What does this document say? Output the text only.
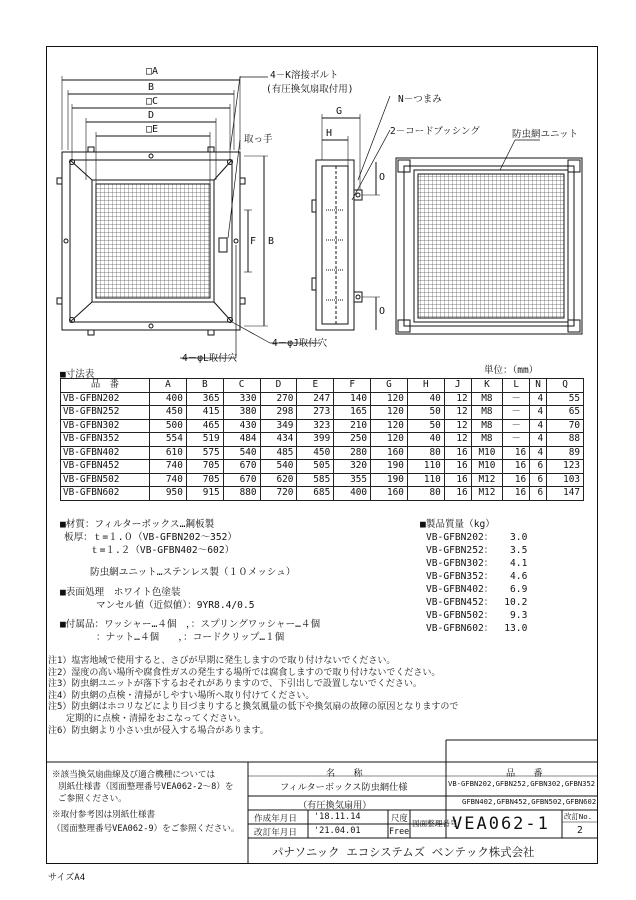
□A
B
□C
D
□E
F B
G
H
O
O
4－K溶接ボルト
(有圧換気扇取付用)
N－つまみ
2－コードブッシング	防虫網ユニット
取っ手
4－φL取付穴
4－φJ取付穴
■寸法表	単位：（mm）
品　番	A	B	C	D	E	F	G	H	J	K	L	N	Q
VB-GFBN202	400	365	330	270	247	140	120	40	12	M8	－	4	55
VB-GFBN252	450	415	380	298	273	165	120	50	12	M8	－	4	65
VB-GFBN302	500	465	430	349	323	210	120	50	12	M8	－	4	70
VB-GFBN352	554	519	484	434	399	250	120	40	12	M8	－	4	88
VB-GFBN402	610	575	540	485	450	280	160	80	16	M10	16	4	89
VB-GFBN452	740	705	670	540	505	320	190	110	16	M10	16	6	123
VB-GFBN502	740	705	670	620	585	355	190	110	16	M12	16	6	103
VB-GFBN602	950	915	880	720	685	400	160	80	16	M12	16	6	147
■材質：フィルターボックス…鋼板製
板厚：ｔ=１.０（VB-GFBN202～352）
ｔ=１.２（VB-GFBN402～602）
防虫網ユニット…ステンレス製（１０メッシュ）
■表面処理　ホワイト色塗装
マンセル値（近似値）：9YR8.4/0.5
■付属品：ワッシャー…４個　，：スプリングワッシャー…４個
：ナット…４個　　，：コードクリップ…１個
■製品質量（kg）
VB-GFBN202： 3.0
VB-GFBN252： 3.5
VB-GFBN302： 4.1
VB-GFBN352： 4.6
VB-GFBN402： 6.9
VB-GFBN452： 10.2
VB-GFBN502： 9.3
VB-GFBN602： 13.0
注1）塩害地域で使用すると、さびが早期に発生しますので取り付けないでください。
注2）湿度の高い場所や腐食性ガスの発生する場所では腐食しますので取り付けないでください。
注3）防虫網ユニットが落下するおそれがありますので、下引出しで設置しないでください。
注4）防虫網の点検・清掃がしやすい場所へ取り付けてください。
注5）防虫網はホコリなどにより目づまりすると換気風量の低下や換気扇の故障の原因となりますので
　　定期的に点検・清掃をおこなってください。
注6）防虫網より小さい虫が侵入する場合があります。
※該当換気扇曲線及び適合機種については
別紙仕様書（図面整理番号VEA062-2～8）を
ご参照ください。
※取付参考図は別紙仕様書
（図面整理番号VEA062-9）をご参照ください。
名　　称
フィルターボックス防虫網仕様
（有圧換気扇用）
品　　番
VB-GFBN202,GFBN252,GFBN302,GFBN352
GFBN402,GFBN452,GFBN502,GFBN602
作成年月日 '18.11.14	尺度
改訂年月日 '21.04.01	Free
図面整理番号
VEA062-1 改訂No.
2
パナソニック エコシステムズ ベンテック株式会社
サイズA4
